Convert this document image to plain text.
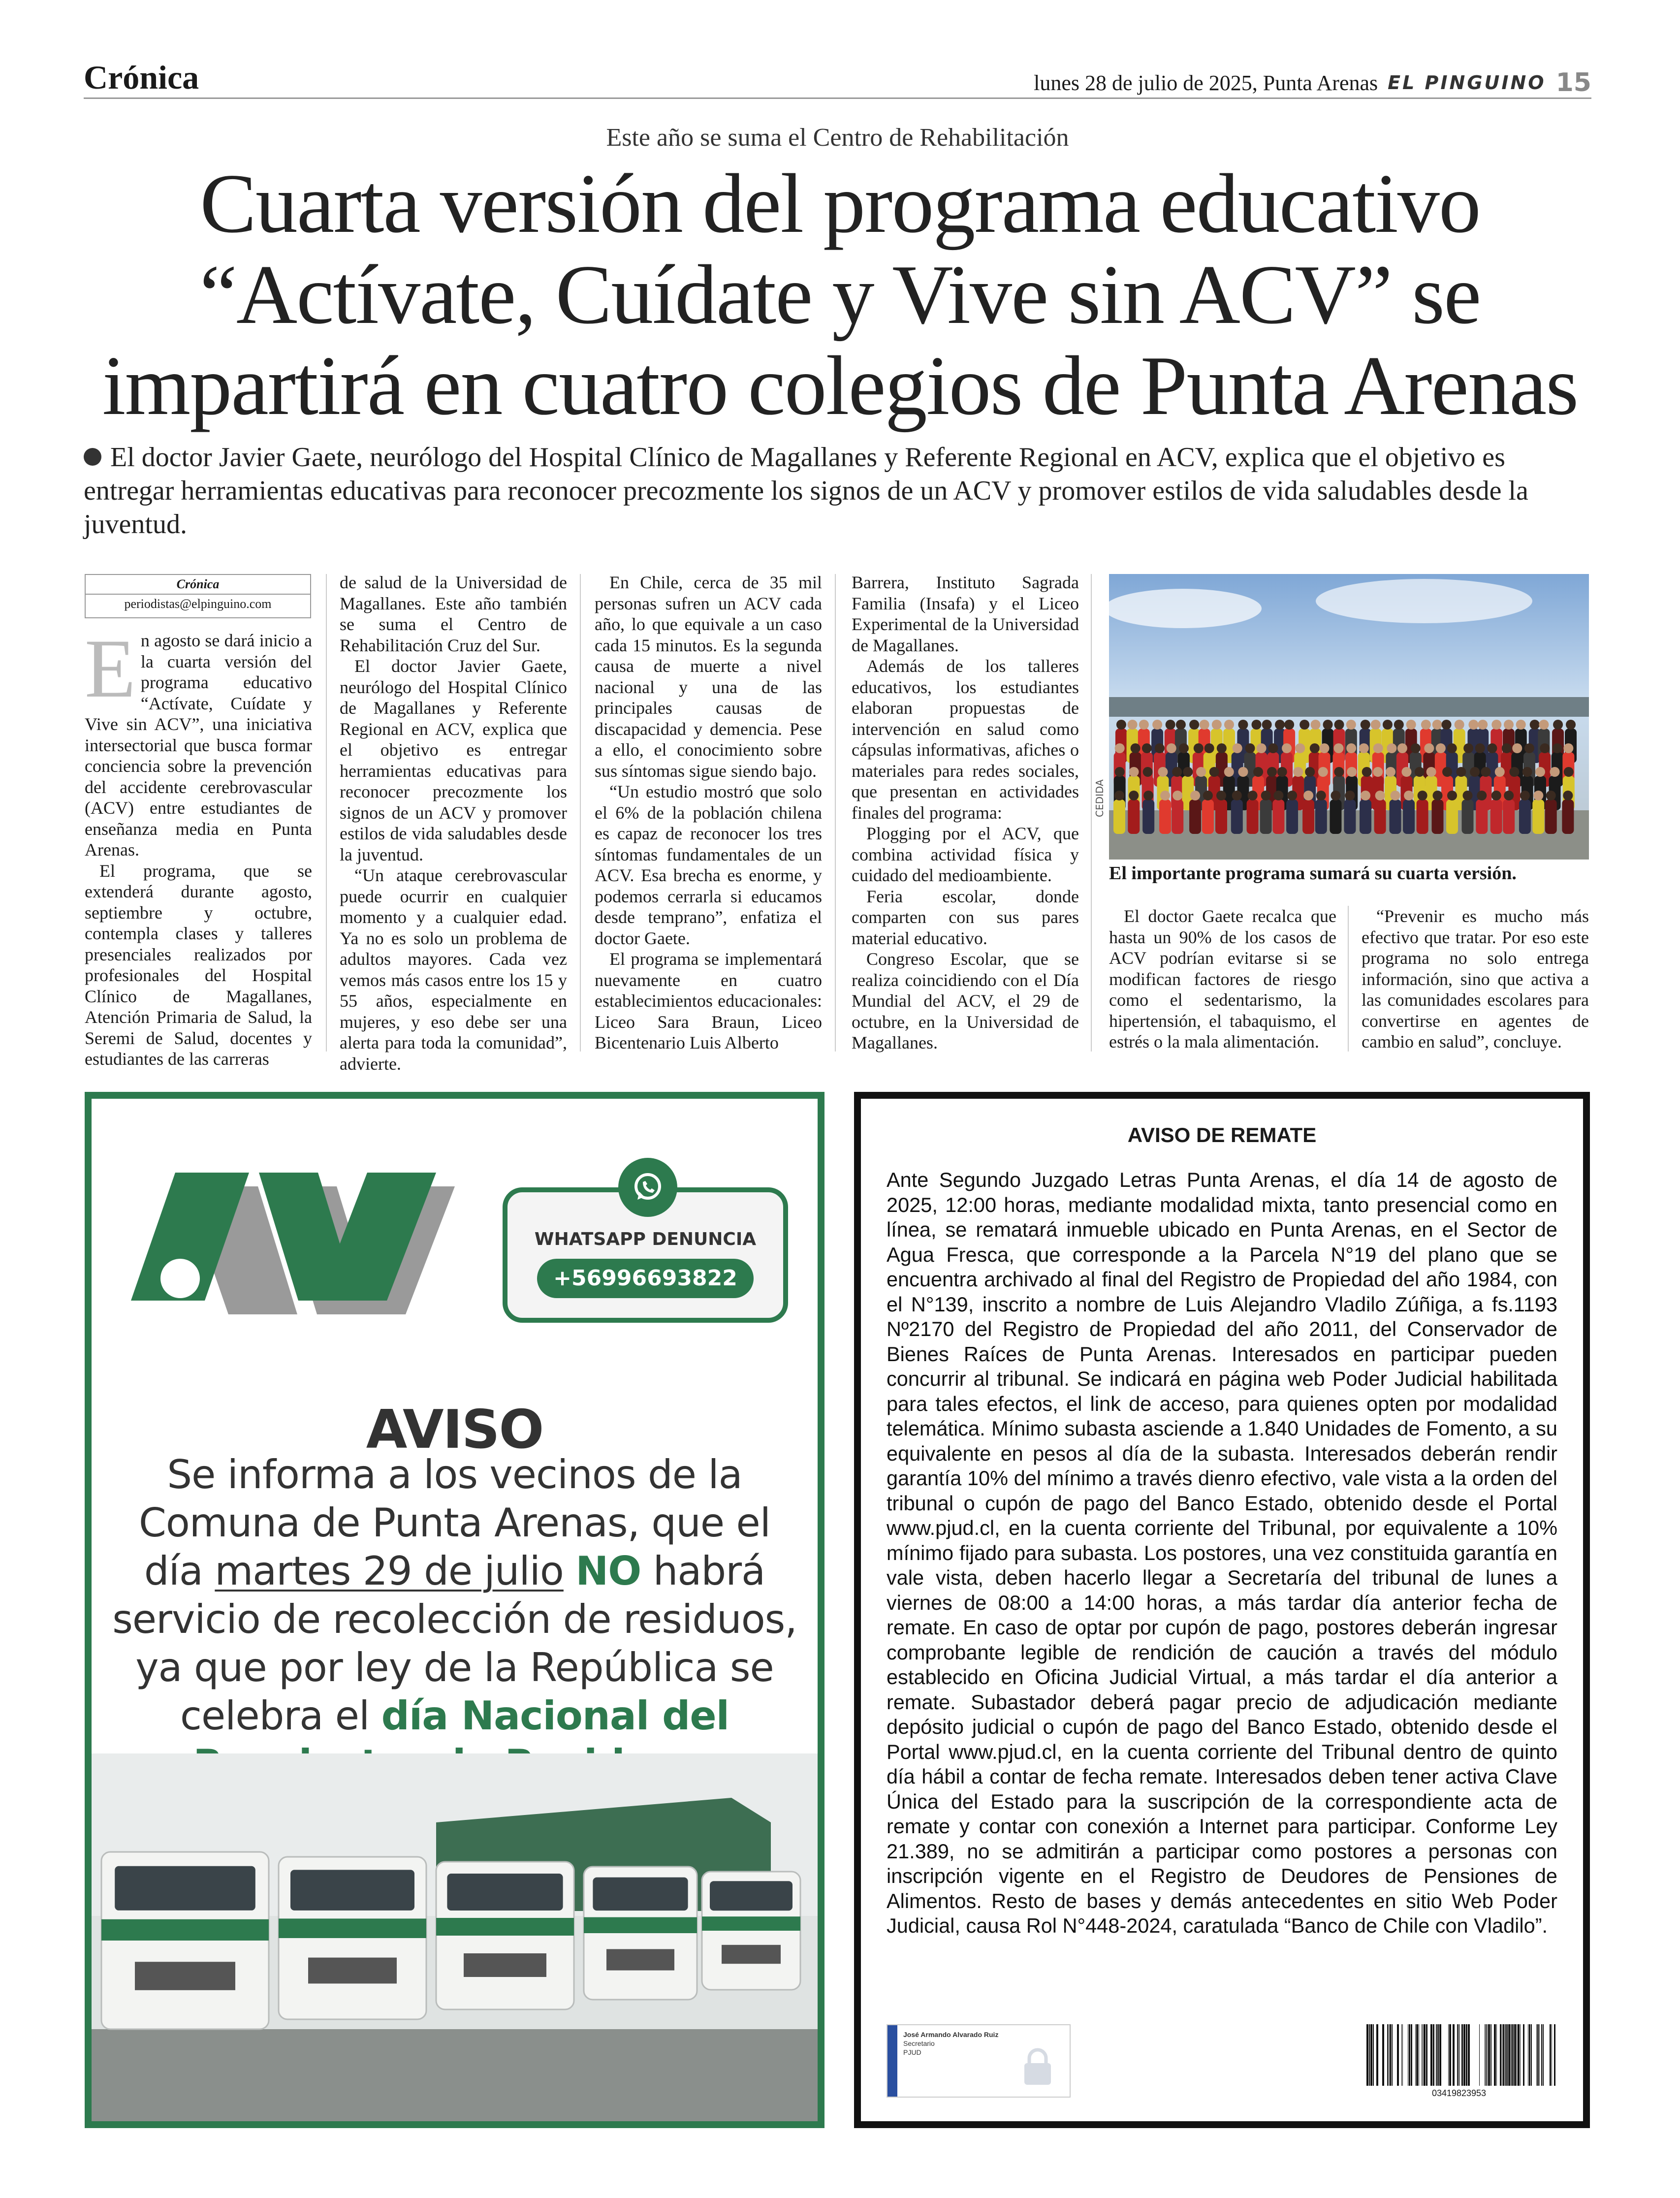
Crónica	lunes 28 de julio de 2025, Punta Arenas EL PINGUINO 15
Este año se suma el Centro de Rehabilitación
Cuarta versión del programa educativo
“Actívate, Cuídate y Vive sin ACV” se
impartirá en cuatro colegios de Punta Arenas
El doctor Javier Gaete, neurólogo del Hospital Clínico de Magallanes y Referente Regional en ACV, explica que el objetivo es entregar herramientas educativas para reconocer precozmente los signos de un ACV y promover estilos de vida saludables desde la juventud.
Crónica
periodistas@elpinguino.com
E n agosto se dará inicio a la cuarta versión del programa educativo “Actívate, Cuídate y Vive sin ACV”, una iniciativa intersectorial que busca formar conciencia sobre la prevención del accidente cerebrovascular (ACV) entre estudiantes de enseñanza media en Punta Arenas.

El programa, que se extenderá durante agosto, septiembre y octubre, contempla clases y talleres presenciales realizados por profesionales del Hospital Clínico de Magallanes, Atención Primaria de Salud, la Seremi de Salud, docentes y estudiantes de las carreras

de salud de la Universidad de Magallanes. Este año también se suma el Centro de Rehabilitación Cruz del Sur.

El doctor Javier Gaete, neurólogo del Hospital Clínico de Magallanes y Referente Regional en ACV, explica que el objetivo es entregar herramientas educativas para reconocer precozmente los signos de un ACV y promover estilos de vida saludables desde la juventud.

“Un ataque cerebrovascular puede ocurrir en cualquier momento y a cualquier edad. Ya no es solo un problema de adultos mayores. Cada vez vemos más casos entre los 15 y 55 años, especialmente en mujeres, y eso debe ser una alerta para toda la comunidad”, advierte.

En Chile, cerca de 35 mil personas sufren un ACV cada año, lo que equivale a un caso cada 15 minutos. Es la segunda causa de muerte a nivel nacional y una de las principales causas de discapacidad y demencia. Pese a ello, el conocimiento sobre sus síntomas sigue siendo bajo.

“Un estudio mostró que solo el 6% de la población chilena es capaz de reconocer los tres síntomas fundamentales de un ACV. Esa brecha es enorme, y podemos cerrarla si educamos desde temprano”, enfatiza el doctor Gaete.

El programa se implementará nuevamente en cuatro establecimientos educacionales: Liceo Sara Braun, Liceo Bicentenario Luis Alberto

Barrera, Instituto Sagrada Familia (Insafa) y el Liceo Experimental de la Universidad de Magallanes.

Además de los talleres educativos, los estudiantes elaboran propuestas de intervención en salud como cápsulas informativas, afiches o materiales para redes sociales, que presentan en actividades finales del programa:

Plogging por el ACV, que combina actividad física y cuidado del medioambiente.

Feria escolar, donde comparten con sus pares material educativo.

Congreso Escolar, que se realiza coincidiendo con el Día Mundial del ACV, el 29 de octubre, en la Universidad de Magallanes.

CEDIDA
El importante programa sumará su cuarta versión.

El doctor Gaete recalca que hasta un 90% de los casos de ACV podrían evitarse si se modifican factores de riesgo como el sedentarismo, la hipertensión, el tabaquismo, el estrés o la mala alimentación.

“Prevenir es mucho más efectivo que tratar. Por eso este programa no solo entrega información, sino que activa a las comunidades escolares para convertirse en agentes de cambio en salud”, concluye.

WHATSAPP DENUNCIA
+56996693822
AVISO
Se informa a los vecinos de la Comuna de Punta Arenas, que el día martes 29 de julio NO habrá servicio de recolección de residuos, ya que por ley de la República se celebra el día Nacional del
AVISO DE REMATE
Ante Segundo Juzgado Letras Punta Arenas, el día 14 de agosto de 2025, 12:00 horas, mediante modalidad mixta, tanto presencial como en línea, se rematará inmueble ubicado en Punta Arenas, en el Sector de Agua Fresca, que corresponde a la Parcela N°19 del plano que se encuentra archivado al final del Registro de Propiedad del año 1984, con el N°139, inscrito a nombre de Luis Alejandro Vladilo Zúñiga, a fs.1193 Nº2170 del Registro de Propiedad del año 2011, del Conservador de Bienes Raíces de Punta Arenas. Interesados en participar pueden concurrir al tribunal. Se indicará en página web Poder Judicial habilitada para tales efectos, el link de acceso, para quienes opten por modalidad telemática. Mínimo subasta asciende a 1.840 Unidades de Fomento, a su equivalente en pesos al día de la subasta. Interesados deberán rendir garantía 10% del mínimo a través dienro efectivo, vale vista a la orden del tribunal o cupón de pago del Banco Estado, obtenido desde el Portal www.pjud.cl, en la cuenta corriente del Tribunal, por equivalente a 10% mínimo fijado para subasta. Los postores, una vez constituida garantía en vale vista, deben hacerlo llegar a Secretaría del tribunal de lunes a viernes de 08:00 a 14:00 horas, a más tardar día anterior fecha de remate. En caso de optar por cupón de pago, postores deberán ingresar comprobante legible de rendición de caución a través del módulo establecido en Oficina Judicial Virtual, a más tardar el día anterior a remate. Subastador deberá pagar precio de adjudicación mediante depósito judicial o cupón de pago del Banco Estado, obtenido desde el Portal www.pjud.cl, en la cuenta corriente del Tribunal dentro de quinto día hábil a contar de fecha remate. Interesados deben tener activa Clave Única del Estado para la suscripción de la correspondiente acta de remate y contar con conexión a Internet para participar. Conforme Ley 21.389, no se admitirán a participar como postores a personas con inscripción vigente en el Registro de Deudores de Pensiones de Alimentos. Resto de bases y demás antecedentes en sitio Web Poder Judicial, causa Rol N°448-2024, caratulada “Banco de Chile con Vladilo”.
José Armando Alvarado Ruiz
Secretario
PJUD
03419823953
